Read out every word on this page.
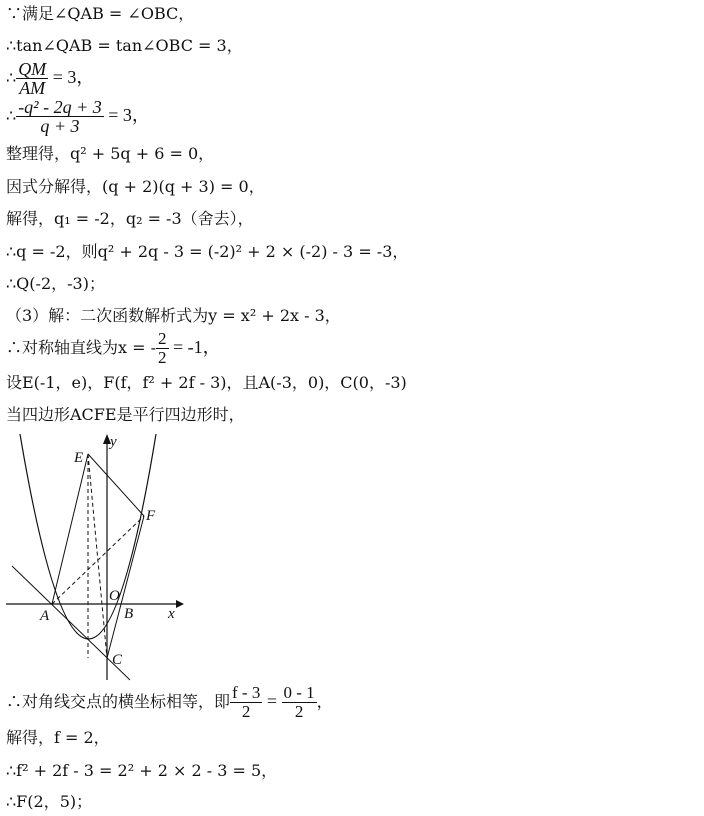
∵满足∠QAB = ∠OBC，
∴tan∠QAB = tan∠OBC = 3，
∴ $\frac{QM}{AM} = 3$，
∴ $\frac{\text{-q² - 2q + 3}}{q + 3} = 3$，
整理得，q² + 5q + 6 = 0，
因式分解得，(q + 2)(q + 3) = 0，
解得，q₁ = -2，q₂ = -3（舍去），
∴q = -2，则q² + 2q - 3 = (-2)² + 2 × (-2) - 3 = -3，
∴Q(-2，-3)；
（3）解：二次函数解析式为y = x² + 2x - 3，
∴对称轴直线为x = - $\frac{2}{2} = -1$，
设E(-1，e)，F(f，f² + 2f - 3)，且A(-3，0)，C(0，-3)
当四边形ACFE是平行四边形时，
E
y
F
O
A	B x
C
∴对角线交点的横坐标相等，即 $\frac{f - 3}{2} = \frac{0 - 1}{2}$ ，
解得，f = 2，
∴f² + 2f - 3 = 2² + 2 × 2 - 3 = 5，
∴F(2，5)；
